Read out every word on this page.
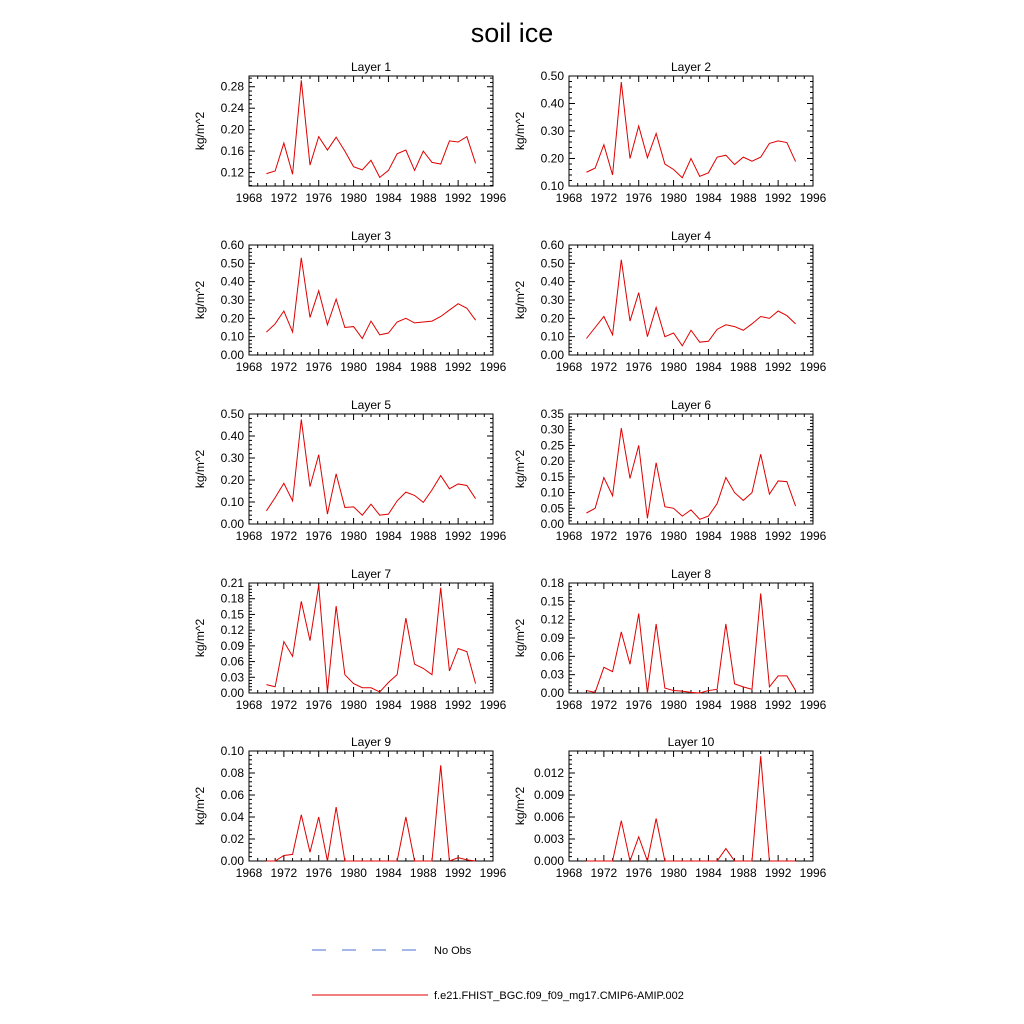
soil ice
Layer 1
kg/m^2
1968 1972 1976 1980 1984 1988 1992 1996
0.12
0.16
0.20
0.24
0.28
Layer 2
kg/m^2
1968 1972 1976 1980 1984 1988 1992 1996
0.10
0.20
0.30
0.40
0.50
Layer 3
kg/m^2
1968 1972 1976 1980 1984 1988 1992 1996
0.00
0.10
0.20
0.30
0.40
0.50
0.60
Layer 4
kg/m^2
1968 1972 1976 1980 1984 1988 1992 1996
0.00
0.10
0.20
0.30
0.40
0.50
0.60
Layer 5
kg/m^2
1968 1972 1976 1980 1984 1988 1992 1996
0.00
0.10
0.20
0.30
0.40
0.50
Layer 6
kg/m^2
1968 1972 1976 1980 1984 1988 1992 1996
0.00
0.05
0.10
0.15
0.20
0.25
0.30
0.35
Layer 7
kg/m^2
1968 1972 1976 1980 1984 1988 1992 1996
0.00
0.03
0.06
0.09
0.12
0.15
0.18
0.21
Layer 8
kg/m^2
1968 1972 1976 1980 1984 1988 1992 1996
0.00
0.03
0.06
0.09
0.12
0.15
0.18
Layer 9
kg/m^2
1968 1972 1976 1980 1984 1988 1992 1996
0.00
0.02
0.04
0.06
0.08
0.10
Layer 10
kg/m^2
1968 1972 1976 1980 1984 1988 1992 1996
0.000
0.003
0.006
0.009
0.012
No Obs
f.e21.FHIST_BGC.f09_f09_mg17.CMIP6-AMIP.002
